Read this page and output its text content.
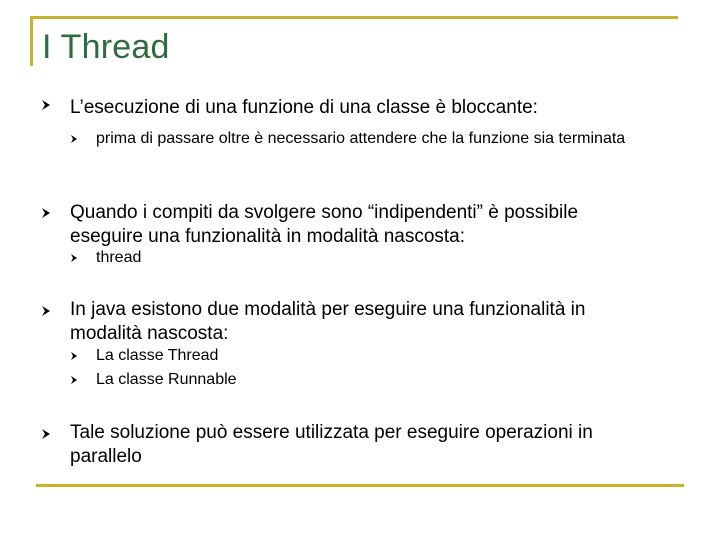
I Thread
L’esecuzione di una funzione di una classe è bloccante:
prima di passare oltre è necessario attendere che la funzione sia terminata
Quando i compiti da svolgere sono “indipendenti” è possibile eseguire una funzionalità in modalità nascosta:
thread
In java esistono due modalità per eseguire una funzionalità in modalità nascosta:
La classe Thread
La classe Runnable
Tale soluzione può essere utilizzata per eseguire operazioni in parallelo
